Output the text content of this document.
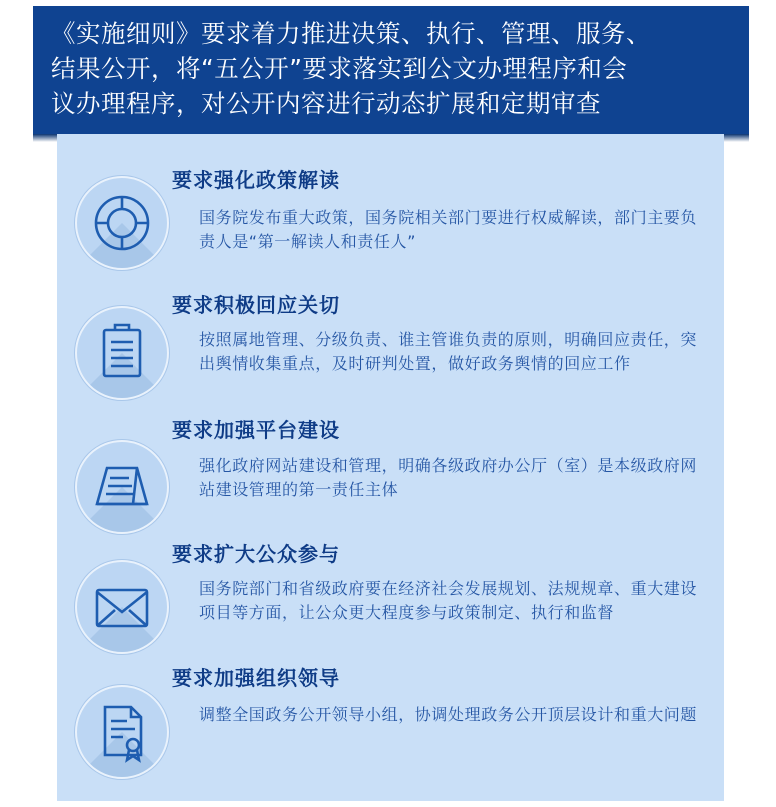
《实施细则》要求着力推进决策、执行、管理、服务、

结果公开，将“五公开”要求落实到公文办理程序和会

议办理程序，对公开内容进行动态扩展和定期审查

要求强化政策解读

国务院发布重大政策，国务院相关部门要进行权威解读，部门主要负责人是“第一解读人和责任人”

要求积极回应关切

按照属地管理、分级负责、谁主管谁负责的原则，明确回应责任，突出舆情收集重点，及时研判处置，做好政务舆情的回应工作

要求加强平台建设

强化政府网站建设和管理，明确各级政府办公厅（室）是本级政府网站建设管理的第一责任主体

要求扩大公众参与

国务院部门和省级政府要在经济社会发展规划、法规规章、重大建设项目等方面，让公众更大程度参与政策制定、执行和监督

要求加强组织领导

调整全国政务公开领导小组，协调处理政务公开顶层设计和重大问题
